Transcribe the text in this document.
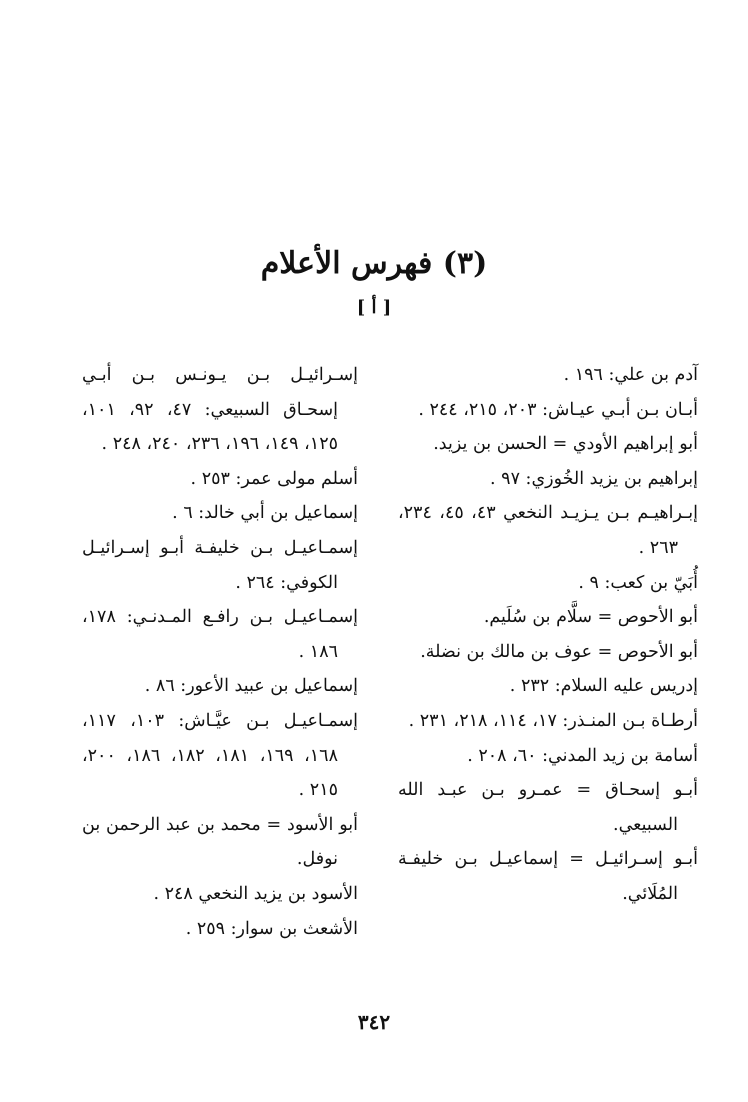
(٣) فهرس الأعلام
[ أ ]
آدم بن علي: ١٩٦ .
أبـان بـن أبـي عيـاش: ٢٠٣، ٢١٥، ٢٤٤ .
أبو إبراهيم الأودي = الحسن بن يزيد.
إبراهيم بن يزيد الخُوزي: ٩٧ .
إبـراهيـم بـن يـزيـد النخعي ٤٣، ٤٥، ٢٣٤، ٢٦٣ .
أُبَيّ بن كعب: ٩ .
أبو الأحوص = سلَّام بن سُلَيم.
أبو الأحوص = عوف بن مالك بن نضلة.
إدريس عليه السلام: ٢٣٢ .
أرطـاة بـن المنـذر: ١٧، ١١٤، ٢١٨، ٢٣١ .
أسامة بن زيد المدني: ٦٠، ٢٠٨ .
أبـو إسحـاق = عمـرو بـن عبـد الله السبيعي.
أبـو إسـرائيـل = إسماعيـل بـن خليفـة المُلَائي.
إسـرائيـل بـن يـونـس بـن أبـي إسحـاق السبيعي: ٤٧، ٩٢، ١٠١، ١٢٥، ١٤٩، ١٩٦، ٢٣٦، ٢٤٠، ٢٤٨ .
أسلم مولى عمر: ٢٥٣ .
إسماعيل بن أبي خالد: ٦ .
إسمـاعيـل بـن خليفـة أبـو إسـرائيـل الكوفي: ٢٦٤ .
إسمـاعيـل بـن رافـع المـدنـي: ١٧٨، ١٨٦ .
إسماعيل بن عبيد الأعور: ٨٦ .
إسمـاعيـل بـن عيَّـاش: ١٠٣، ١١٧، ١٦٨، ١٦٩، ١٨١، ١٨٢، ١٨٦، ٢٠٠، ٢١٥ .
أبو الأسود = محمد بن عبد الرحمن بن نوفل.
الأسود بن يزيد النخعي ٢٤٨ .
الأشعث بن سوار: ٢٥٩ .
٣٤٢
